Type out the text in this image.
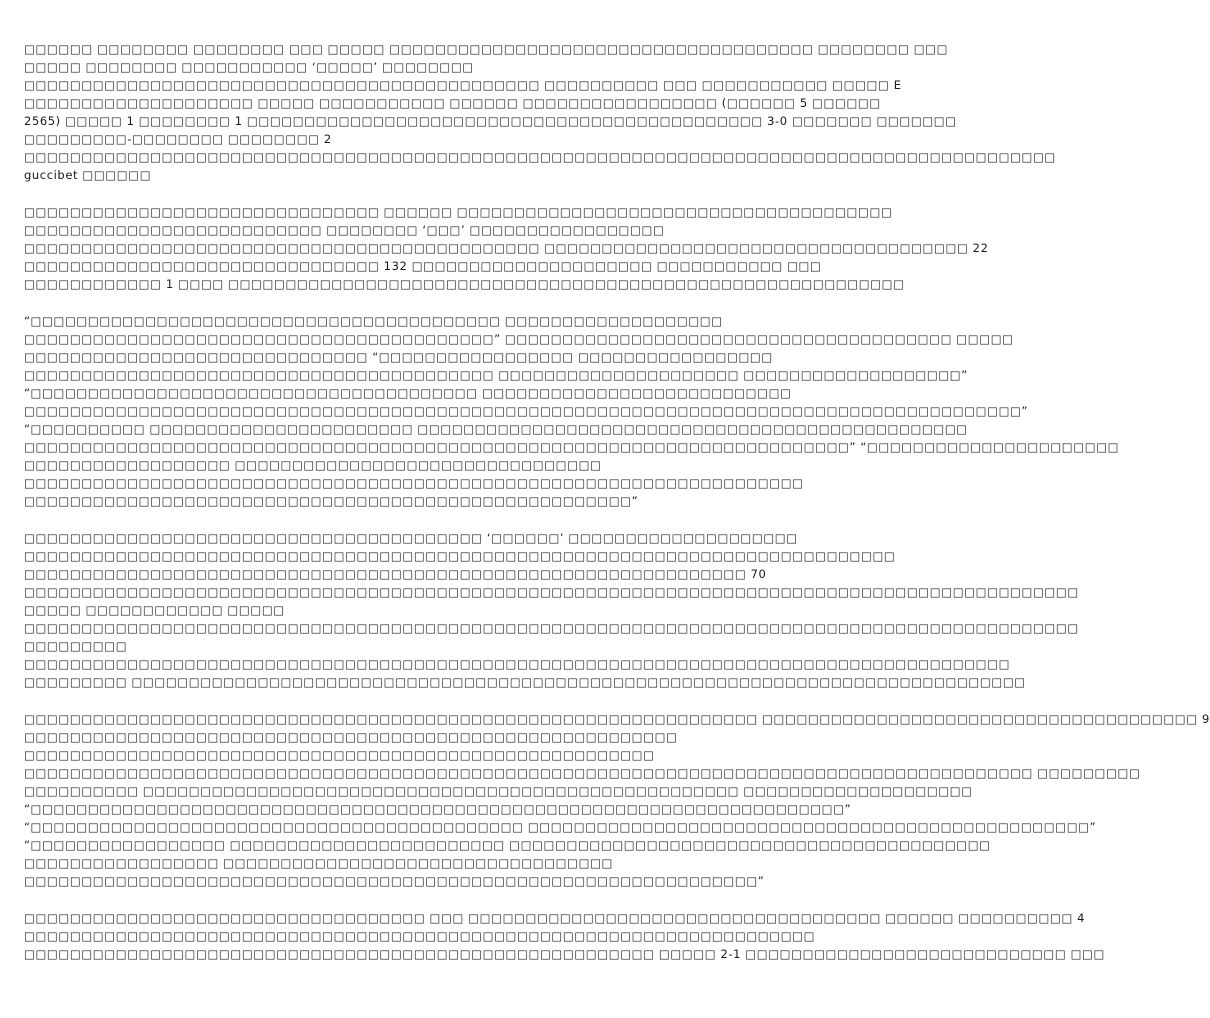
□□□□□□ □□□□□□□□ □□□□□□□□ □□□ □□□□□ □□□□□□□□□□□□□□□□□□□□□□□□□□□□□□□□□□□□□ □□□□□□□□ □□□
□□□□□ □□□□□□□□ □□□□□□□□□□□ ‘□□□□□’ □□□□□□□□
□□□□□□□□□□□□□□□□□□□□□□□□□□□□□□□□□□□□□□□□□□□□□ □□□□□□□□□□ □□□ □□□□□□□□□□□ □□□□□ E
□□□□□□□□□□□□□□□□□□□□ □□□□□ □□□□□□□□□□□ □□□□□□ □□□□□□□□□□□□□□□□□ (□□□□□□ 5 □□□□□□
2565) □□□□□ 1 □□□□□□□□ 1 □□□□□□□□□□□□□□□□□□□□□□□□□□□□□□□□□□□□□□□□□□□□□ 3-0 □□□□□□□ □□□□□□□
□□□□□□□□□-□□□□□□□□ □□□□□□□□ 2
□□□□□□□□□□□□□□□□□□□□□□□□□□□□□□□□□□□□□□□□□□□□□□□□□□□□□□□□□□□□□□□□□□□□□□□□□□□□□□□□□□□□□□□□□□
guccibet □□□□□□
□□□□□□□□□□□□□□□□□□□□□□□□□□□□□□□ □□□□□□ □□□□□□□□□□□□□□□□□□□□□□□□□□□□□□□□□□□□□□
□□□□□□□□□□□□□□□□□□□□□□□□□□ □□□□□□□□ ‘□□□’ □□□□□□□□□□□□□□□□□
□□□□□□□□□□□□□□□□□□□□□□□□□□□□□□□□□□□□□□□□□□□□□ □□□□□□□□□□□□□□□□□□□□□□□□□□□□□□□□□□□□□ 22
□□□□□□□□□□□□□□□□□□□□□□□□□□□□□□□ 132 □□□□□□□□□□□□□□□□□□□□□ □□□□□□□□□□□ □□□
□□□□□□□□□□□□ 1 □□□□ □□□□□□□□□□□□□□□□□□□□□□□□□□□□□□□□□□□□□□□□□□□□□□□□□□□□□□□□□□□
“□□□□□□□□□□□□□□□□□□□□□□□□□□□□□□□□□□□□□□□□□ □□□□□□□□□□□□□□□□□□□
□□□□□□□□□□□□□□□□□□□□□□□□□□□□□□□□□□□□□□□□□” □□□□□□□□□□□□□□□□□□□□□□□□□□□□□□□□□□□□□□□ □□□□□
□□□□□□□□□□□□□□□□□□□□□□□□□□□□□□ “□□□□□□□□□□□□□□□□□ □□□□□□□□□□□□□□□□□
□□□□□□□□□□□□□□□□□□□□□□□□□□□□□□□□□□□□□□□□□ □□□□□□□□□□□□□□□□□□□□□ □□□□□□□□□□□□□□□□□□□”
“□□□□□□□□□□□□□□□□□□□□□□□□□□□□□□□□□□□□□□□ □□□□□□□□□□□□□□□□□□□□□□□□□□□
□□□□□□□□□□□□□□□□□□□□□□□□□□□□□□□□□□□□□□□□□□□□□□□□□□□□□□□□□□□□□□□□□□□□□□□□□□□□□□□□□□□□□□□”
“□□□□□□□□□□ □□□□□□□□□□□□□□□□□□□□□□□ □□□□□□□□□□□□□□□□□□□□□□□□□□□□□□□□□□□□□□□□□□□□□□□□
□□□□□□□□□□□□□□□□□□□□□□□□□□□□□□□□□□□□□□□□□□□□□□□□□□□□□□□□□□□□□□□□□□□□□□□□” “□□□□□□□□□□□□□□□□□□□□□□
□□□□□□□□□□□□□□□□□□ □□□□□□□□□□□□□□□□□□□□□□□□□□□□□□□□
□□□□□□□□□□□□□□□□□□□□□□□□□□□□□□□□□□□□□□□□□□□□□□□□□□□□□□□□□□□□□□□□□□□□
□□□□□□□□□□□□□□□□□□□□□□□□□□□□□□□□□□□□□□□□□□□□□□□□□□□□□”
□□□□□□□□□□□□□□□□□□□□□□□□□□□□□□□□□□□□□□□□ ‘□□□□□□’ □□□□□□□□□□□□□□□□□□□□
□□□□□□□□□□□□□□□□□□□□□□□□□□□□□□□□□□□□□□□□□□□□□□□□□□□□□□□□□□□□□□□□□□□□□□□□□□□□
□□□□□□□□□□□□□□□□□□□□□□□□□□□□□□□□□□□□□□□□□□□□□□□□□□□□□□□□□□□□□□□ 70
□□□□□□□□□□□□□□□□□□□□□□□□□□□□□□□□□□□□□□□□□□□□□□□□□□□□□□□□□□□□□□□□□□□□□□□□□□□□□□□□□□□□□□□□□□□□
□□□□□ □□□□□□□□□□□□ □□□□□
□□□□□□□□□□□□□□□□□□□□□□□□□□□□□□□□□□□□□□□□□□□□□□□□□□□□□□□□□□□□□□□□□□□□□□□□□□□□□□□□□□□□□□□□□□□□
□□□□□□□□□
□□□□□□□□□□□□□□□□□□□□□□□□□□□□□□□□□□□□□□□□□□□□□□□□□□□□□□□□□□□□□□□□□□□□□□□□□□□□□□□□□□□□□□
□□□□□□□□□ □□□□□□□□□□□□□□□□□□□□□□□□□□□□□□□□□□□□□□□□□□□□□□□□□□□□□□□□□□□□□□□□□□□□□□□□□□□□□□
□□□□□□□□□□□□□□□□□□□□□□□□□□□□□□□□□□□□□□□□□□□□□□□□□□□□□□□□□□□□□□□□ □□□□□□□□□□□□□□□□□□□□□□□□□□□□□□□□□□□□□□ 9
□□□□□□□□□□□□□□□□□□□□□□□□□□□□□□□□□□□□□□□□□□□□□□□□□□□□□□□□□
□□□□□□□□□□□□□□□□□□□□□□□□□□□□□□□□□□□□□□□□□□□□□□□□□□□□□□□
□□□□□□□□□□□□□□□□□□□□□□□□□□□□□□□□□□□□□□□□□□□□□□□□□□□□□□□□□□□□□□□□□□□□□□□□□□□□□□□□□□□□□□□□ □□□□□□□□□
□□□□□□□□□□ □□□□□□□□□□□□□□□□□□□□□□□□□□□□□□□□□□□□□□□□□□□□□□□□□□□□ □□□□□□□□□□□□□□□□□□□□
“□□□□□□□□□□□□□□□□□□□□□□□□□□□□□□□□□□□□□□□□□□□□□□□□□□□□□□□□□□□□□□□□□□□□□□□”
“□□□□□□□□□□□□□□□□□□□□□□□□□□□□□□□□□□□□□□□□□□□ □□□□□□□□□□□□□□□□□□□□□□□□□□□□□□□□□□□□□□□□□□□□□□□□□”
“□□□□□□□□□□□□□□□□□ □□□□□□□□□□□□□□□□□□□□□□□□ □□□□□□□□□□□□□□□□□□□□□□□□□□□□□□□□□□□□□□□□□□
□□□□□□□□□□□□□□□□□ □□□□□□□□□□□□□□□□□□□□□□□□□□□□□□□□□□
□□□□□□□□□□□□□□□□□□□□□□□□□□□□□□□□□□□□□□□□□□□□□□□□□□□□□□□□□□□□□□□□”
□□□□□□□□□□□□□□□□□□□□□□□□□□□□□□□□□□□ □□□ □□□□□□□□□□□□□□□□□□□□□□□□□□□□□□□□□□□□ □□□□□□ □□□□□□□□□□ 4
□□□□□□□□□□□□□□□□□□□□□□□□□□□□□□□□□□□□□□□□□□□□□□□□□□□□□□□□□□□□□□□□□□□□□
□□□□□□□□□□□□□□□□□□□□□□□□□□□□□□□□□□□□□□□□□□□□□□□□□□□□□□□ □□□□□ 2-1 □□□□□□□□□□□□□□□□□□□□□□□□□□□□ □□□
